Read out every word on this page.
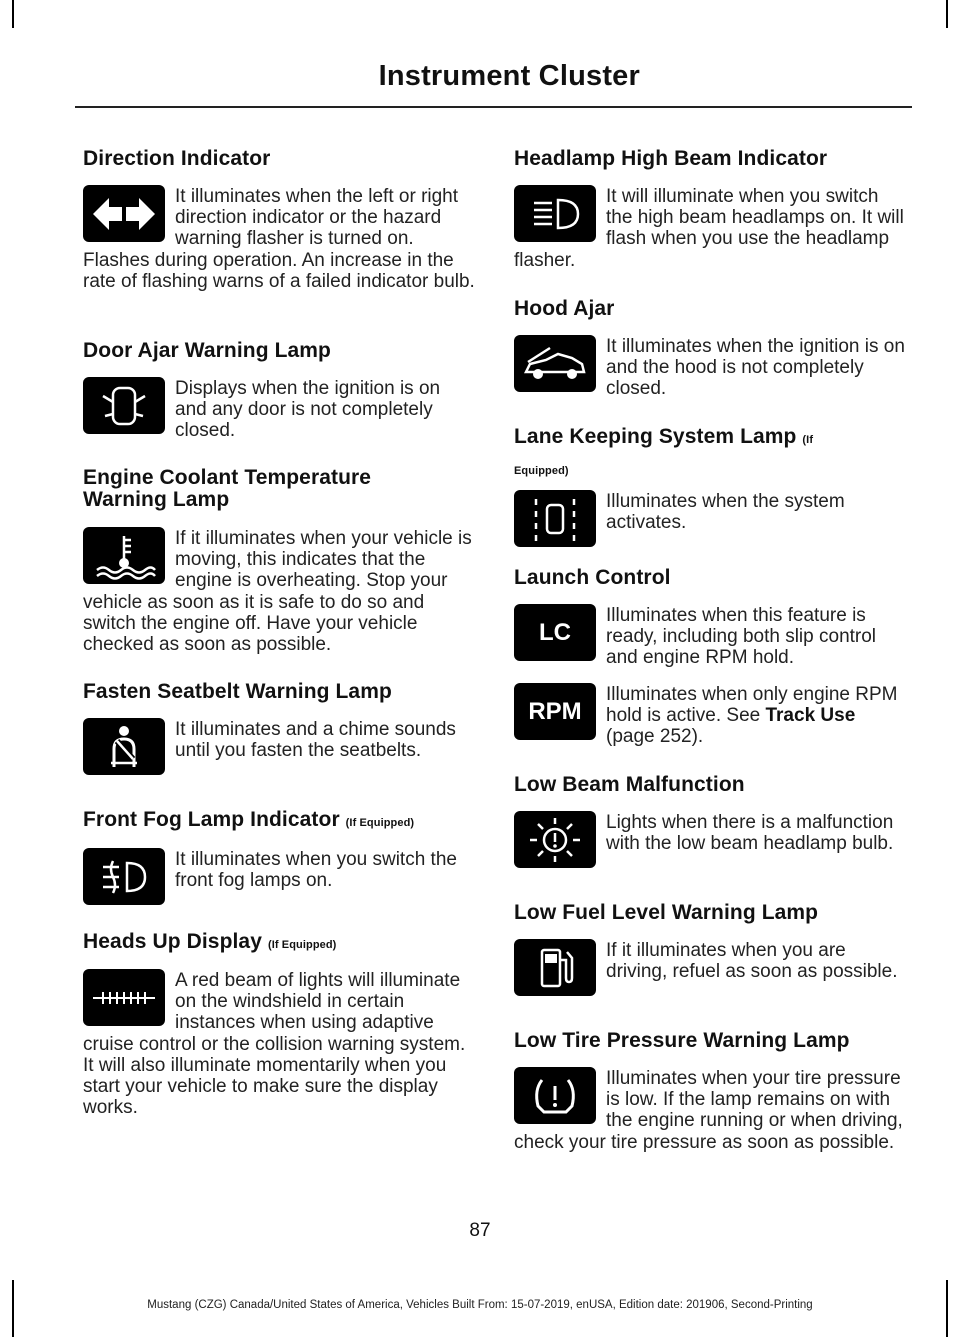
Instrument Cluster
Direction Indicator
It illuminates when the left or right direction indicator or the hazard warning flasher is turned on. Flashes during operation. An increase in the rate of flashing warns of a failed indicator bulb.
Door Ajar Warning Lamp
Displays when the ignition is on and any door is not completely closed.
Engine Coolant Temperature Warning Lamp
If it illuminates when your vehicle is moving, this indicates that the engine is overheating. Stop your vehicle as soon as it is safe to do so and switch the engine off. Have your vehicle checked as soon as possible.
Fasten Seatbelt Warning Lamp
It illuminates and a chime sounds until you fasten the seatbelts.
Front Fog Lamp Indicator (If Equipped)
It illuminates when you switch the front fog lamps on.
Heads Up Display (If Equipped)
A red beam of lights will illuminate on the windshield in certain instances when using adaptive cruise control or the collision warning system. It will also illuminate momentarily when you start your vehicle to make sure the display works.
Headlamp High Beam Indicator
It will illuminate when you switch the high beam headlamps on. It will flash when you use the headlamp flasher.
Hood Ajar
It illuminates when the ignition is on and the hood is not completely closed.
Lane Keeping System Lamp (If
Equipped)
Illuminates when the system activates.
Launch Control
LC
Illuminates when this feature is ready, including both slip control and engine RPM hold.
RPM
Illuminates when only engine RPM hold is active. See Track Use (page 252).
Low Beam Malfunction
Lights when there is a malfunction with the low beam headlamp bulb.
Low Fuel Level Warning Lamp
If it illuminates when you are driving, refuel as soon as possible.
Low Tire Pressure Warning Lamp
Illuminates when your tire pressure is low. If the lamp remains on with the engine running or when driving, check your tire pressure as soon as possible.
87
Mustang (CZG) Canada/United States of America, Vehicles Built From: 15-07-2019, enUSA, Edition date: 201906, Second-Printing
